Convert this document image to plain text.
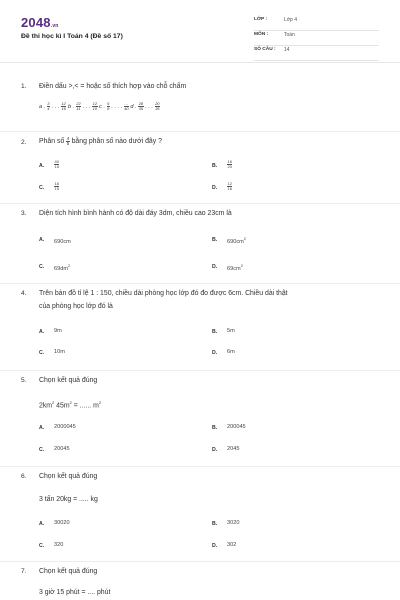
2048.vn
Đề thi học kì I Toán 4 (Đề số 17)
LỚP :	Lớp 4
MÔN :	Toán
SỐ CÂU : 14
1. Điền dấu >,< = hoặc số thích hợp vào chỗ chấm
a . $\frac{3}{4}$ . . . $\frac{12}{16}$ b . $\frac{22}{11}$ . . . $\frac{12}{10}$ c . $\frac{5}{8}$ . . . . $\frac{\dots}{40}$ d . $\frac{28}{35}$ . . . $\frac{20}{35}$
2. Phân số $\frac{4}{5}$ bằng phân số nào dưới đây ?
A. $\frac{40}{15}$	B. $\frac{16}{20}$
C. $\frac{16}{15}$	D. $\frac{12}{16}$
3. Diện tích hình bình hành có độ dài đáy 3dm, chiều cao 23cm là
A. 690cm	B. $690cm^2$
C. $69dm^2$	D. $69cm^2$
4. Trên bản đồ tỉ lệ 1 : 150, chiều dài phòng học lớp đó đo được 6cm. Chiều dài thật
của phòng học lớp đó là
A. 9m	B. 5m
C. 10m	D. 6m
5. Chọn kết quả đúng
$2km^2$ $45m^2$ = ...... $m^2$
A. 2000045	B. 200045
C. 20045	D. 2045
6. Chọn kết quả đúng
3 tấn 20kg = ..... kg
A. 30020	B. 3020
C. 320	D. 302
7. Chọn kết quả đúng
3 giờ 15 phút = .... phút
